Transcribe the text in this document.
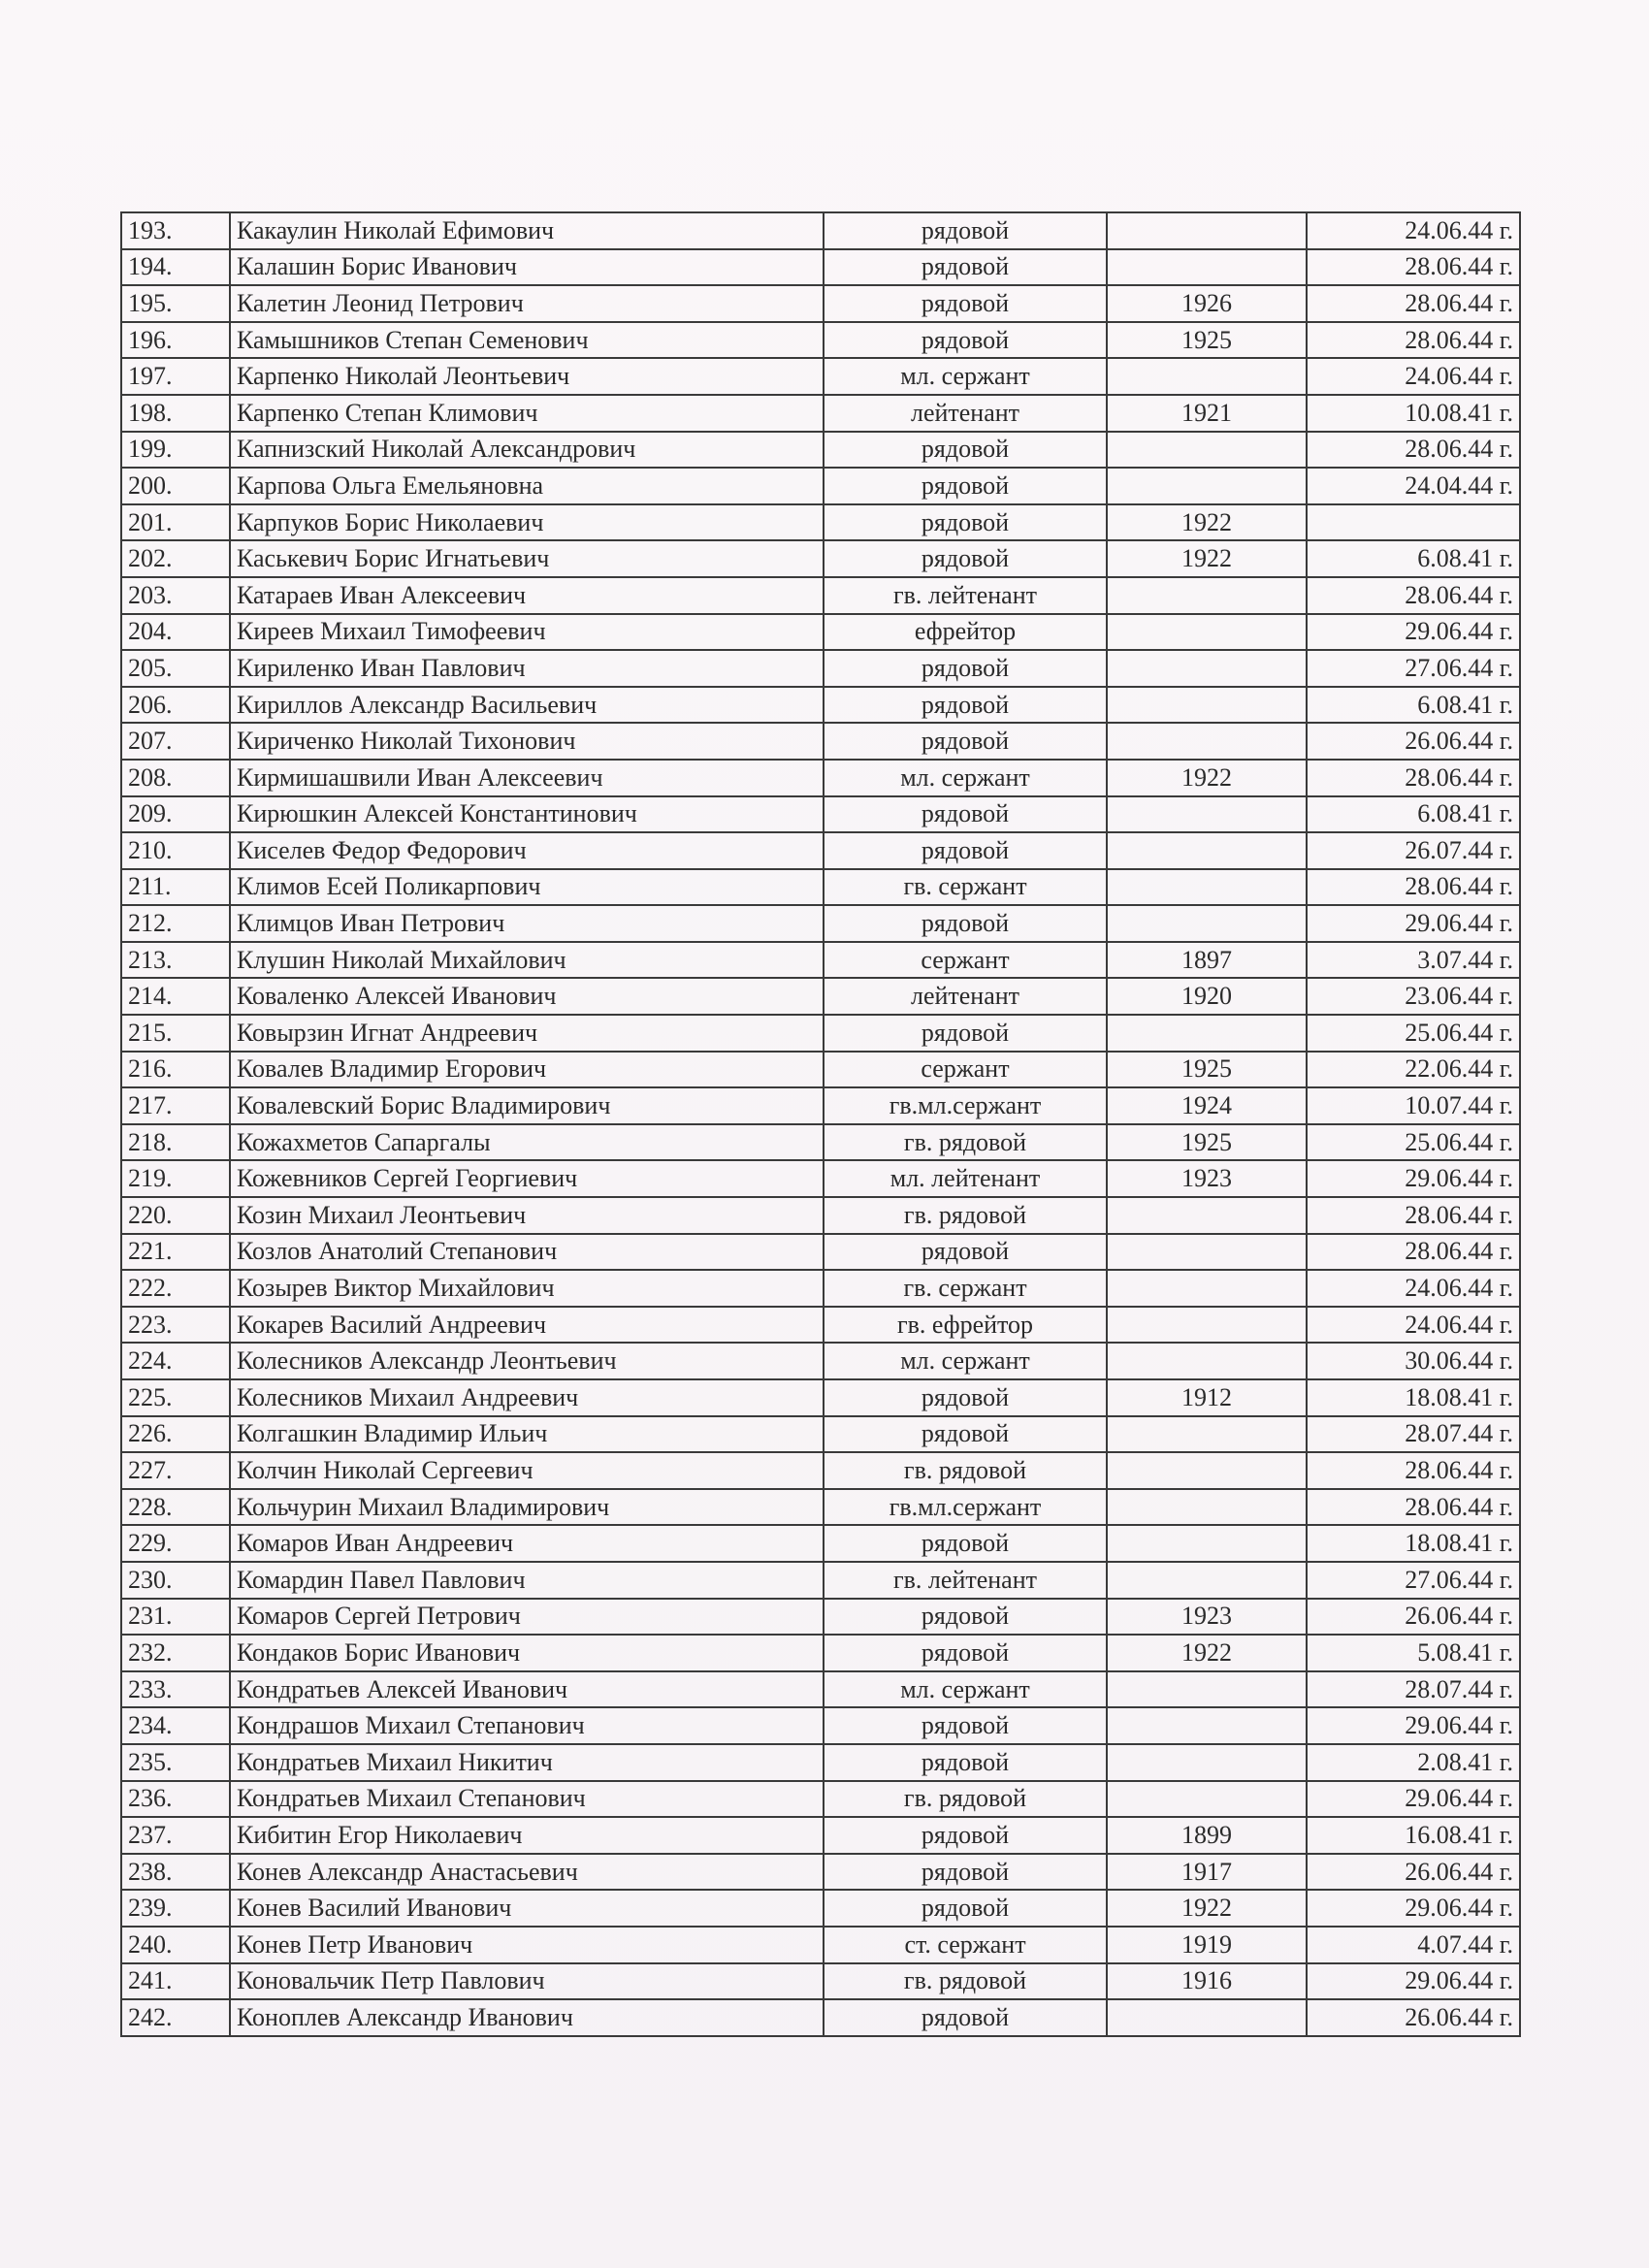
193.	Какаулин Николай Ефимович	рядовой		24.06.44 г.
194.	Калашин Борис Иванович	рядовой		28.06.44 г.
195.	Калетин Леонид Петрович	рядовой	1926	28.06.44 г.
196.	Камышников Степан Семенович	рядовой	1925	28.06.44 г.
197.	Карпенко Николай Леонтьевич	мл. сержант		24.06.44 г.
198.	Карпенко Степан Климович	лейтенант	1921	10.08.41 г.
199.	Капнизский Николай Александрович	рядовой		28.06.44 г.
200.	Карпова Ольга Емельяновна	рядовой		24.04.44 г.
201.	Карпуков Борис Николаевич	рядовой	1922	
202.	Каськевич Борис Игнатьевич	рядовой	1922	6.08.41 г.
203.	Катараев Иван Алексеевич	гв. лейтенант		28.06.44 г.
204.	Киреев Михаил Тимофеевич	ефрейтор		29.06.44 г.
205.	Кириленко Иван Павлович	рядовой		27.06.44 г.
206.	Кириллов Александр Васильевич	рядовой		6.08.41 г.
207.	Кириченко Николай Тихонович	рядовой		26.06.44 г.
208.	Кирмишашвили Иван Алексеевич	мл. сержант	1922	28.06.44 г.
209.	Кирюшкин Алексей Константинович	рядовой		6.08.41 г.
210.	Киселев Федор Федорович	рядовой		26.07.44 г.
211.	Климов Есей Поликарпович	гв. сержант		28.06.44 г.
212.	Климцов Иван Петрович	рядовой		29.06.44 г.
213.	Клушин Николай Михайлович	сержант	1897	3.07.44 г.
214.	Коваленко Алексей Иванович	лейтенант	1920	23.06.44 г.
215.	Ковырзин Игнат Андреевич	рядовой		25.06.44 г.
216.	Ковалев Владимир Егорович	сержант	1925	22.06.44 г.
217.	Ковалевский Борис Владимирович	гв.мл.сержант	1924	10.07.44 г.
218.	Кожахметов Сапаргалы	гв. рядовой	1925	25.06.44 г.
219.	Кожевников Сергей Георгиевич	мл. лейтенант	1923	29.06.44 г.
220.	Козин Михаил Леонтьевич	гв. рядовой		28.06.44 г.
221.	Козлов Анатолий Степанович	рядовой		28.06.44 г.
222.	Козырев Виктор Михайлович	гв. сержант		24.06.44 г.
223.	Кокарев Василий Андреевич	гв. ефрейтор		24.06.44 г.
224.	Колесников Александр Леонтьевич	мл. сержант		30.06.44 г.
225.	Колесников Михаил Андреевич	рядовой	1912	18.08.41 г.
226.	Колгашкин Владимир Ильич	рядовой		28.07.44 г.
227.	Колчин Николай Сергеевич	гв. рядовой		28.06.44 г.
228.	Кольчурин Михаил Владимирович	гв.мл.сержант		28.06.44 г.
229.	Комаров Иван Андреевич	рядовой		18.08.41 г.
230.	Комардин Павел Павлович	гв. лейтенант		27.06.44 г.
231.	Комаров Сергей Петрович	рядовой	1923	26.06.44 г.
232.	Кондаков Борис Иванович	рядовой	1922	5.08.41 г.
233.	Кондратьев Алексей Иванович	мл. сержант		28.07.44 г.
234.	Кондрашов Михаил Степанович	рядовой		29.06.44 г.
235.	Кондратьев Михаил Никитич	рядовой		2.08.41 г.
236.	Кондратьев Михаил Степанович	гв. рядовой		29.06.44 г.
237.	Кибитин Егор Николаевич	рядовой	1899	16.08.41 г.
238.	Конев Александр Анастасьевич	рядовой	1917	26.06.44 г.
239.	Конев Василий Иванович	рядовой	1922	29.06.44 г.
240.	Конев Петр Иванович	ст. сержант	1919	4.07.44 г.
241.	Коновальчик Петр Павлович	гв. рядовой	1916	29.06.44 г.
242.	Коноплев Александр Иванович	рядовой		26.06.44 г.
